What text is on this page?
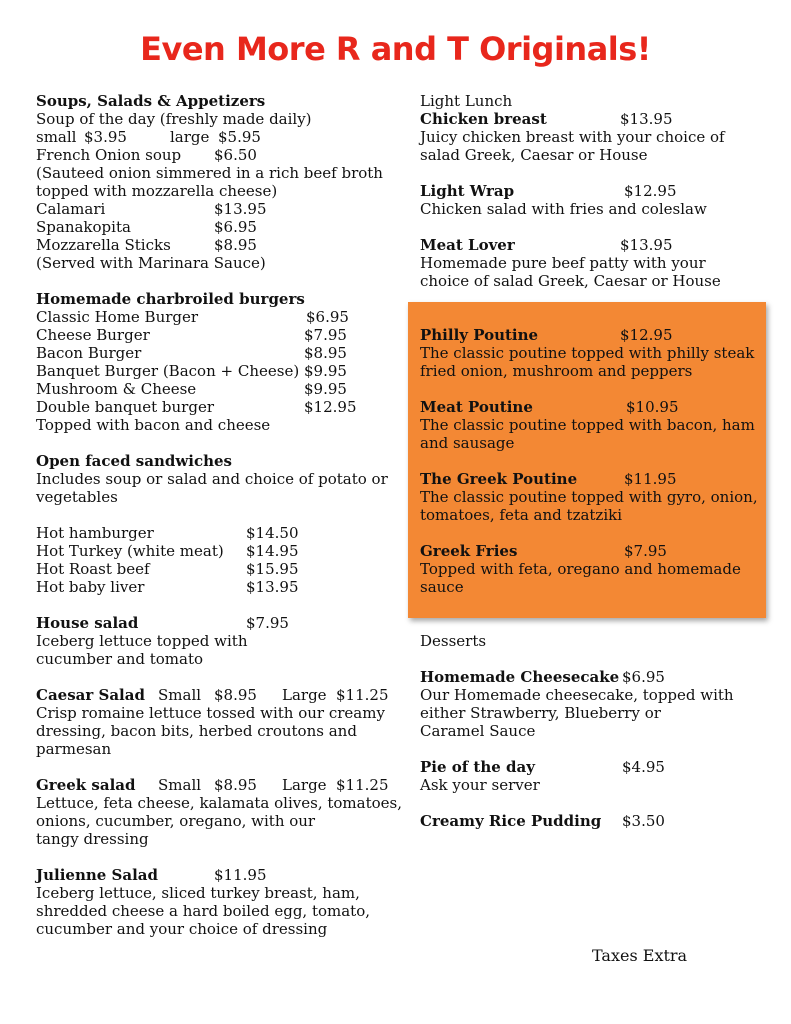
Even More R and T Originals!
Soups, Salads & Appetizers
Soup of the day (freshly made daily)
small $3.95	large $5.95
French Onion soup $6.50
(Sauteed onion simmered in a rich beef broth
topped with mozzarella cheese)
Calamari	$13.95
Spanakopita	$6.95
Mozzarella Sticks	$8.95
(Served with Marinara Sauce)
Homemade charbroiled burgers
Classic Home Burger	$6.95
Cheese Burger	$7.95
Bacon Burger	$8.95
Banquet Burger (Bacon + Cheese) $9.95
Mushroom & Cheese	$9.95
Double banquet burger	$12.95
Topped with bacon and cheese
Open faced sandwiches
Includes soup or salad and choice of potato or
vegetables
Hot hamburger	$14.50
Hot Turkey (white meat) $14.95
Hot Roast beef	$15.95
Hot baby liver	$13.95
House salad	$7.95
Iceberg lettuce topped with
cucumber and tomato
Caesar Salad Small $8.95 Large $11.25
Crisp romaine lettuce tossed with our creamy
dressing, bacon bits, herbed croutons and
parmesan
Greek salad Small $8.95 Large $11.25
Lettuce, feta cheese, kalamata olives, tomatoes,
onions, cucumber, oregano, with our
tangy dressing
Julienne Salad	$11.95
Iceberg lettuce, sliced turkey breast, ham,
shredded cheese a hard boiled egg, tomato,
cucumber and your choice of dressing
Light Lunch
Chicken breast	$13.95
Juicy chicken breast with your choice of
salad Greek, Caesar or House
Light Wrap	$12.95
Chicken salad with fries and coleslaw
Meat Lover	$13.95
Homemade pure beef patty with your
choice of salad Greek, Caesar or House
Philly Poutine	$12.95
The classic poutine topped with philly steak
fried onion, mushroom and peppers
Meat Poutine	$10.95
The classic poutine topped with bacon, ham
and sausage
The Greek Poutine	$11.95
The classic poutine topped with gyro, onion,
tomatoes, feta and tzatziki
Greek Fries	$7.95
Topped with feta, oregano and homemade
sauce
Desserts
Homemade Cheesecake $6.95
Our Homemade cheesecake, topped with
either Strawberry, Blueberry or
Caramel Sauce
Pie of the day	$4.95
Ask your server
Creamy Rice Pudding $3.50
Taxes Extra
